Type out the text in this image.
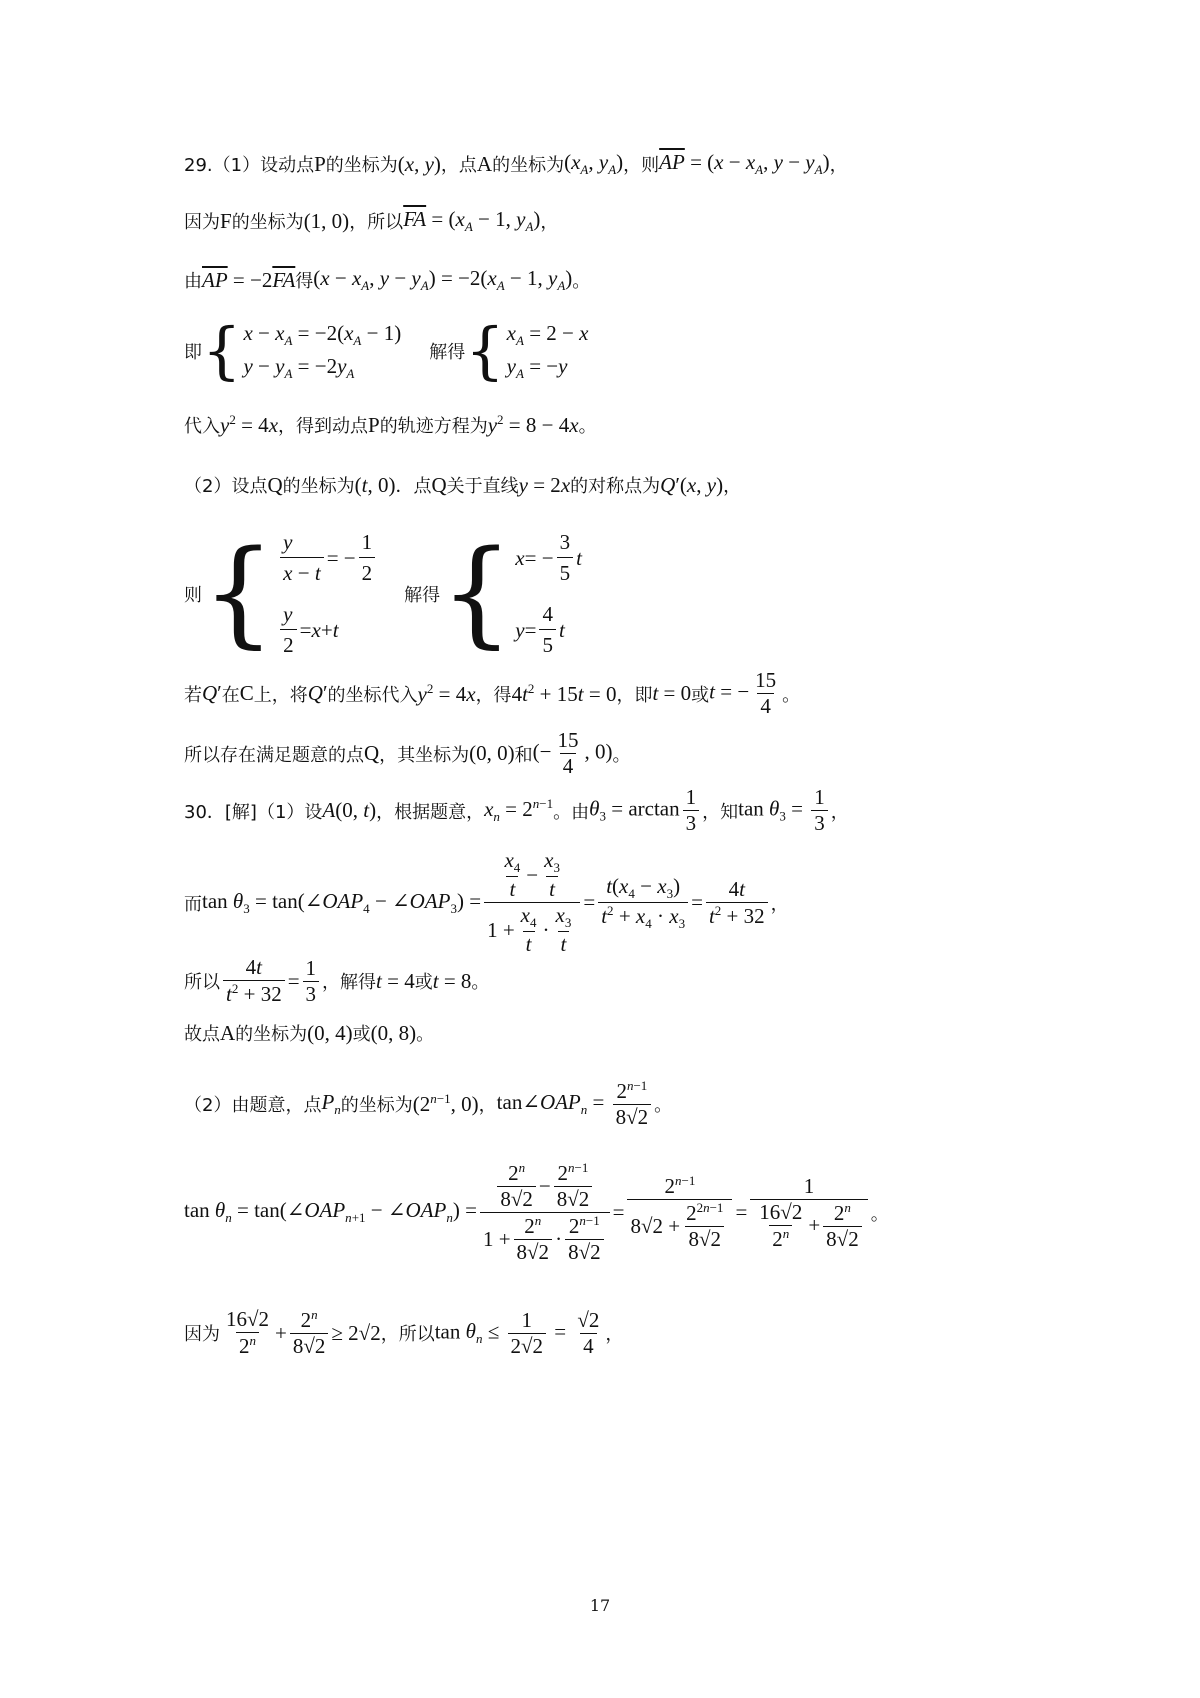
29.（1）设动点 P 的坐标为 (x, y) ，点 A 的坐标为 ($x_A$, $y_A$) ，则 $\overline{AP} = (x - x_A$, $y - y_A$) ，
因为 F 的坐标为 (1, 0) ，所以 $\overline{FA} = (x_A - 1$, $y_A$) ，
由 $\overline{AP} = -2\overline{FA}$ 得 ($x - x_A$, $y - y_A) = -2(x_A - 1$, $y_A$) 。
即 { $x - x_A = -2(x_A - 1)$
$y - y_A = -2y_A$
解得 { $x_A = 2 - x$
$y_A = -y$
代入 $y^2 = 4x$ ，得到动点 P 的轨迹方程为 $y^2 = 8 - 4x$ 。
（2）设点 Q 的坐标为 (t, 0) ．点 Q 关于直线 y = 2x 的对称点为 Q′(x, y) ，
则 { $\frac{y}{x - t}$ = − $\frac{1}{2}$
$\frac{y}{2} = x + t$
解得 { x = − $\frac{3}{5}$ t
$y = \frac{4}{5}$ t
若 Q′ 在 C 上，将 Q′ 的坐标代入 $y^2 = 4x$ ，得 $4t^2 + 15t = 0$ ，即 t = 0 或 t = − $\frac{15}{4}$ 。
所以存在满足题意的点 Q ，其坐标为 (0, 0) 和 (− $\frac{15}{4}$ , 0) 。
30．[解]（1）设 A(0, t) ，根据题意， $x_n = 2^{n-1}$ 。由 $\theta_3 = \arctan \frac{1}{3}$ ，知 $\tan \theta_3 = \frac{1}{3}$ ，
而 $\tan \theta_3$ = $\tan(\angle OAP_4$ − $\angle OAP_3) = \frac{\frac{x_4}{t} - \frac{x_3}{t}}{1 + \frac{x_4}{t} \cdot \frac{x_3}{t}} = \frac{t(x_4 - x_3)}{t^2 + x_4 \cdot x_3} = \frac{4t}{t^2 + 32}$ ，
所以 $\frac{4t}{t^2 + 32} = \frac{1}{3}$ ，解得 t = 4 或 t = 8 。
故点 A 的坐标为 (0, 4) 或 (0, 8) 。
（2）由题意，点 $P_n$ 的坐标为 ($2^{n-1}$, 0) ， $\tan\angle OAP_n = \frac{2^{n-1}}{8√2}$ 。
$\tan \theta_n$ = $\tan(\angle OAP_{n+1}$ − $\angle OAP_n) = \frac{\frac{2^n}{8√2} - \frac{2^{n-1}}{8√2}}{1 + \frac{2^n}{8√2} \cdot \frac{2^{n-1}}{8√2}} = \frac{2^{n-1}}{8√2 + \frac{2^{2n-1}}{8√2}} = \frac{1}{\frac{16√2}{2^n} + \frac{2^n}{8√2}}$ 。
因为 $\frac{16√2}{2^n} + \frac{2^n}{8√2} \ge 2√2$ ，所以 $\tan \theta_n \le \frac{1}{2√2} = \frac{√2}{4}$ ，
17
